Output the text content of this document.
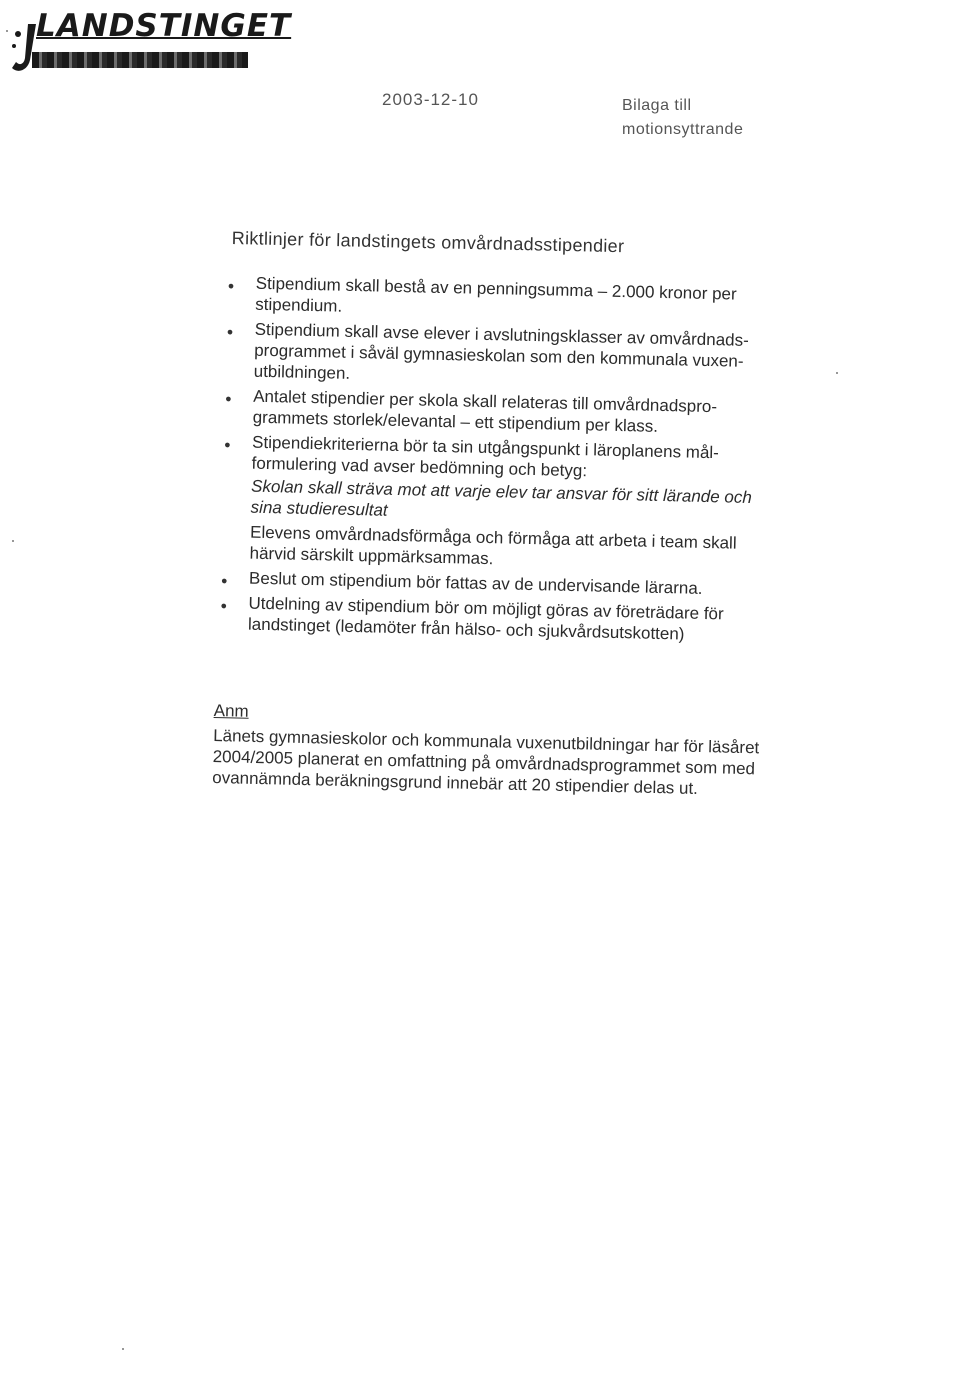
LANDSTINGET
2003-12-10	Bilaga till
motionsyttrande
Riktlinjer för landstingets omvårdnadsstipendier
● Stipendium skall bestå av en penningsumma – 2.000 kronor per stipendium.
● Stipendium skall avse elever i avslutningsklasser av omvårdnads-programmet i såväl gymnasieskolan som den kommunala vuxen-utbildningen.
● Antalet stipendier per skola skall relateras till omvårdnadspro-grammets storlek/elevantal – ett stipendium per klass.
● Stipendiekriterierna bör ta sin utgångspunkt i läroplanens mål-formulering vad avser bedömning och betyg:
Skolan skall sträva mot att varje elev tar ansvar för sitt lärande och sina studieresultat
Elevens omvårdnadsförmåga och förmåga att arbeta i team skall härvid särskilt uppmärksammas.
● Beslut om stipendium bör fattas av de undervisande lärarna.
● Utdelning av stipendium bör om möjligt göras av företrädare för landstinget (ledamöter från hälso- och sjukvårdsutskotten)
Anm
Länets gymnasieskolor och kommunala vuxenutbildningar har för läsåret 2004/2005 planerat en omfattning på omvårdnadsprogrammet som med ovannämnda beräkningsgrund innebär att 20 stipendier delas ut.
